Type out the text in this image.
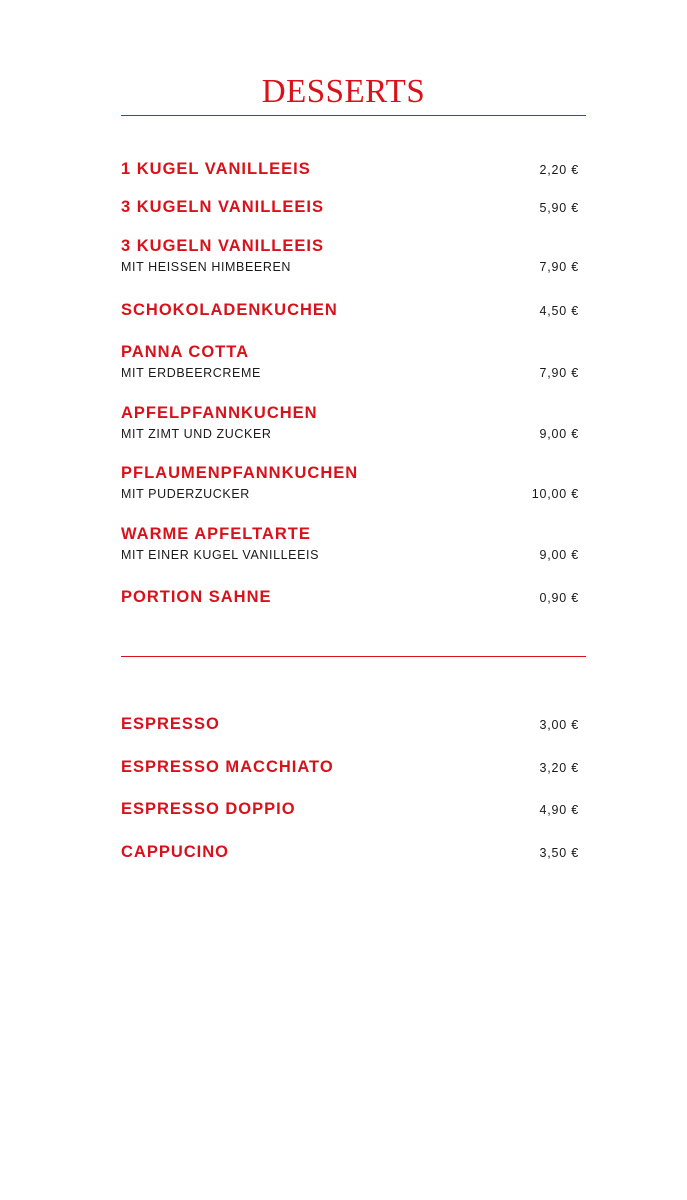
DESSERTS
1 KUGEL VANILLEEIS	2,20 €
3 KUGELN VANILLEEIS	5,90 €
3 KUGELN VANILLEEIS
MIT HEISSEN HIMBEEREN	7,90 €
SCHOKOLADENKUCHEN	4,50 €
PANNA COTTA
MIT ERDBEERCREME	7,90 €
APFELPFANNKUCHEN
MIT ZIMT UND ZUCKER	9,00 €
PFLAUMENPFANNKUCHEN
MIT PUDERZUCKER	10,00 €
WARME APFELTARTE
MIT EINER KUGEL VANILLEEIS	9,00 €
PORTION SAHNE	0,90 €
ESPRESSO	3,00 €
ESPRESSO MACCHIATO	3,20 €
ESPRESSO DOPPIO	4,90 €
CAPPUCINO	3,50 €
